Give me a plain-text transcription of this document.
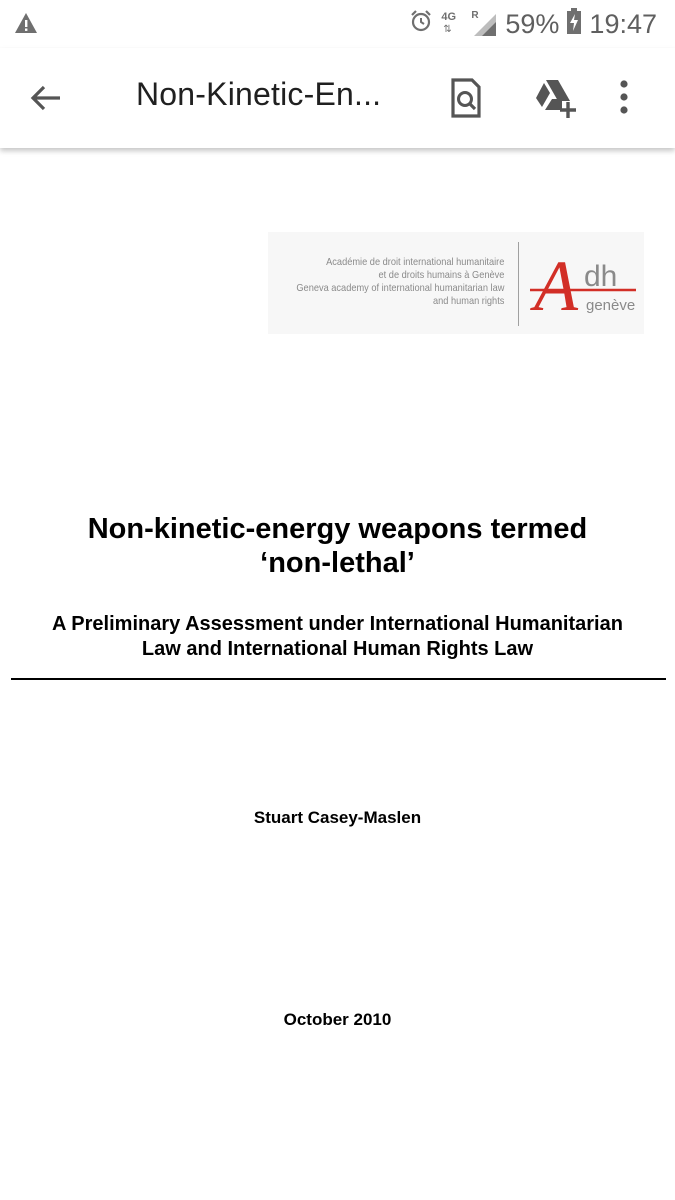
4G
⇅
R 59% 19:47
Non-Kinetic-En...
Académie de droit international humanitaire
et de droits humains à Genève
Geneva academy of international humanitarian law
and human rights A dh
genève
Non-kinetic-energy weapons termed
‘non-lethal’
A Preliminary Assessment under International Humanitarian
Law and International Human Rights Law
Stuart Casey-Maslen
October 2010
